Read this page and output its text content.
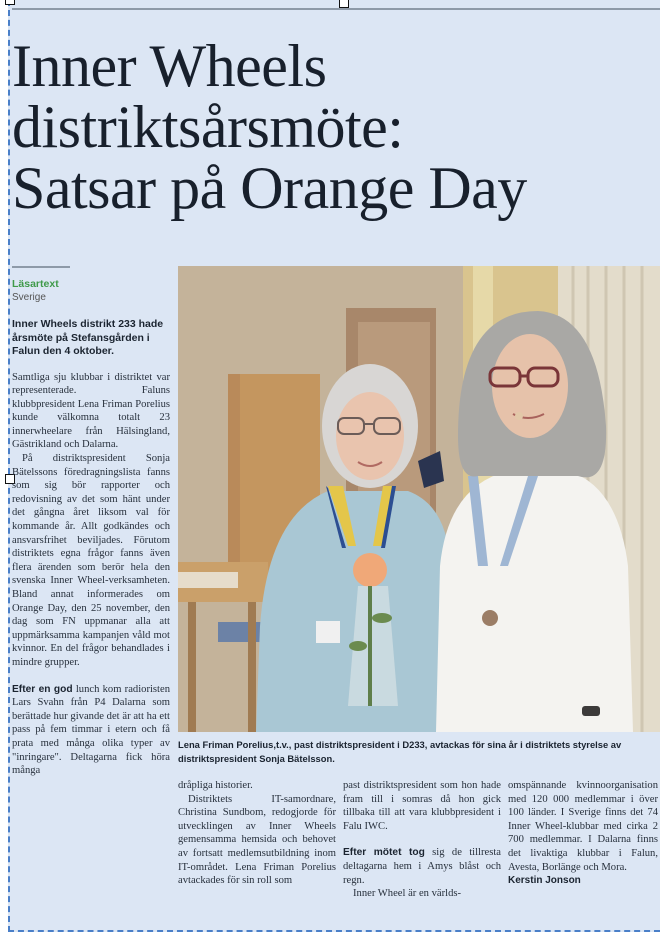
Inner Wheels
distriktsårsmöte:
Satsar på Orange Day
Läsartext
Sverige
Inner Wheels distrikt 233 hade årsmöte på Stefansgården i Falun den 4 oktober.

Samtliga sju klubbar i distriktet var representerade. Faluns klubbpresident Lena Friman Porelius kunde välkomna totalt 23 innerwheelare från Hälsingland, Gästrikland och Dalarna.

På distriktspresident Sonja Bätelssons föredragningslista fanns som sig bör rapporter och redovisning av det som hänt under det gångna året liksom val för kommande år. Allt godkändes och ansvarsfrihet beviljades. Förutom distriktets egna frågor fanns även flera ärenden som berör hela den svenska Inner Wheel-verksamheten. Bland annat informerades om Orange Day, den 25 november, den dag som FN uppmanar alla att uppmärksamma kampanjen våld mot kvinnor. En del frågor behandlades i mindre grupper.

Efter en god lunch kom radioristen Lars Svahn från P4 Dalarna som berättade hur givande det är att ha ett pass på fem timmar i etern och få prata med många olika typer av "inringare". Deltagarna fick höra många

Lena Friman Porelius,t.v., past distriktspresident i D233, avtackas för sina år i distriktets styrelse av distriktspresident Sonja Bätelsson.

dråpliga historier.

Distriktets IT-samordnare, Christina Sundbom, redogjorde för utvecklingen av Inner Wheels gemensamma hemsida och behovet av fortsatt medlemsutbildning inom IT-området. Lena Friman Porelius avtackades för sin roll som

past distriktspresident som hon hade fram till i somras då hon gick tillbaka till att vara klubbpresident i Falu IWC.

Efter mötet tog sig de tillresta deltagarna hem i Amys blåst och regn.

Inner Wheel är en världs-

omspännande kvinnoorganisation med 120 000 medlemmar i över 100 länder. I Sverige finns det 74 Inner Wheel-klubbar med cirka 2 700 medlemmar. I Dalarna finns det livaktiga klubbar i Falun, Avesta, Borlänge och Mora.

Kerstin Jonson
